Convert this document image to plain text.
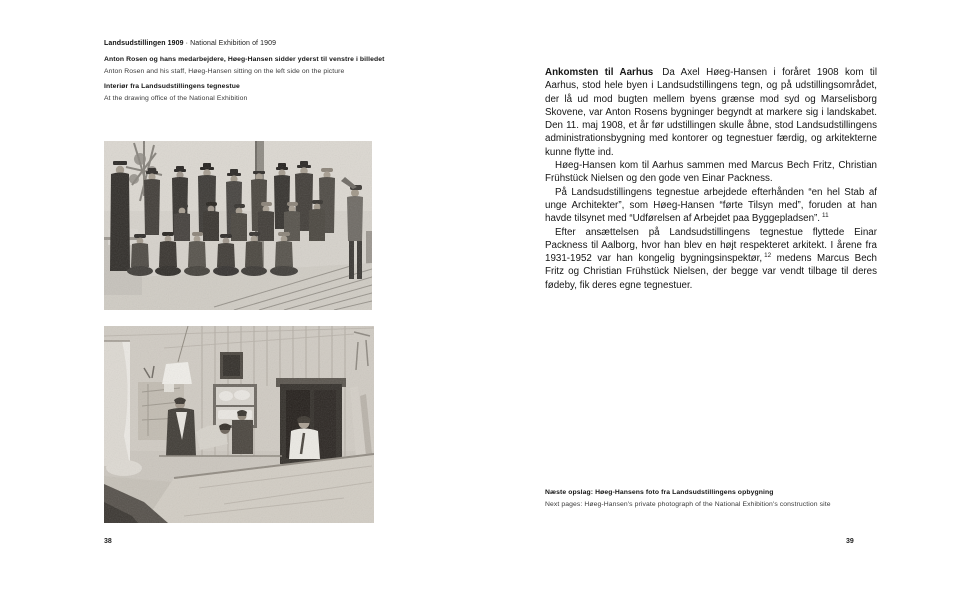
Landsudstillingen 1909 · National Exhibition of 1909
Anton Rosen og hans medarbejdere, Høeg-Hansen sidder yderst til venstre i billedet
Anton Rosen and his staff, Høeg-Hansen sitting on the left side on the picture
Interiør fra Landsudstillingens tegnestue
At the drawing office of the National Exhibition
38

Ankomsten til Aarhus Da Axel Høeg-Hansen i foråret 1908 kom til Aarhus, stod hele byen i Landsudstillingens tegn, og på udstillingsområdet, der lå ud mod bugten mellem byens grænse mod syd og Marselisborg Skovene, var Anton Rosens bygninger begyndt at markere sig i landskabet. Den 11. maj 1908, et år før udstillingen skulle åbne, stod Landsudstillingens administrationsbygning med kontorer og tegnestuer færdig, og arkitekterne kunne flytte ind.

Høeg-Hansen kom til Aarhus sammen med Marcus Bech Fritz, Christian Frühstück Nielsen og den gode ven Einar Packness.

På Landsudstillingens tegnestue arbejdede efterhånden “en hel Stab af unge Architekter”, som Høeg-Hansen “førte Tilsyn med”, foruden at han havde tilsynet med “Udførelsen af Arbejdet paa Byggepladsen”. $^{11}$

Efter ansættelsen på Landsudstillingens tegnestue flyttede Einar Packness til Aalborg, hvor han blev en højt respekteret arkitekt. I årene fra 1931-1952 var han kongelig bygningsinspektør, $^{12}$ medens Marcus Bech Fritz og Christian Frühstück Nielsen, der begge var vendt tilbage til deres fødeby, fik deres egne tegnestuer.

Næste opslag: Høeg-Hansens foto fra Landsudstillingens opbygning
Next pages: Høeg-Hansen's private photograph of the National Exhibition's construction site
39
